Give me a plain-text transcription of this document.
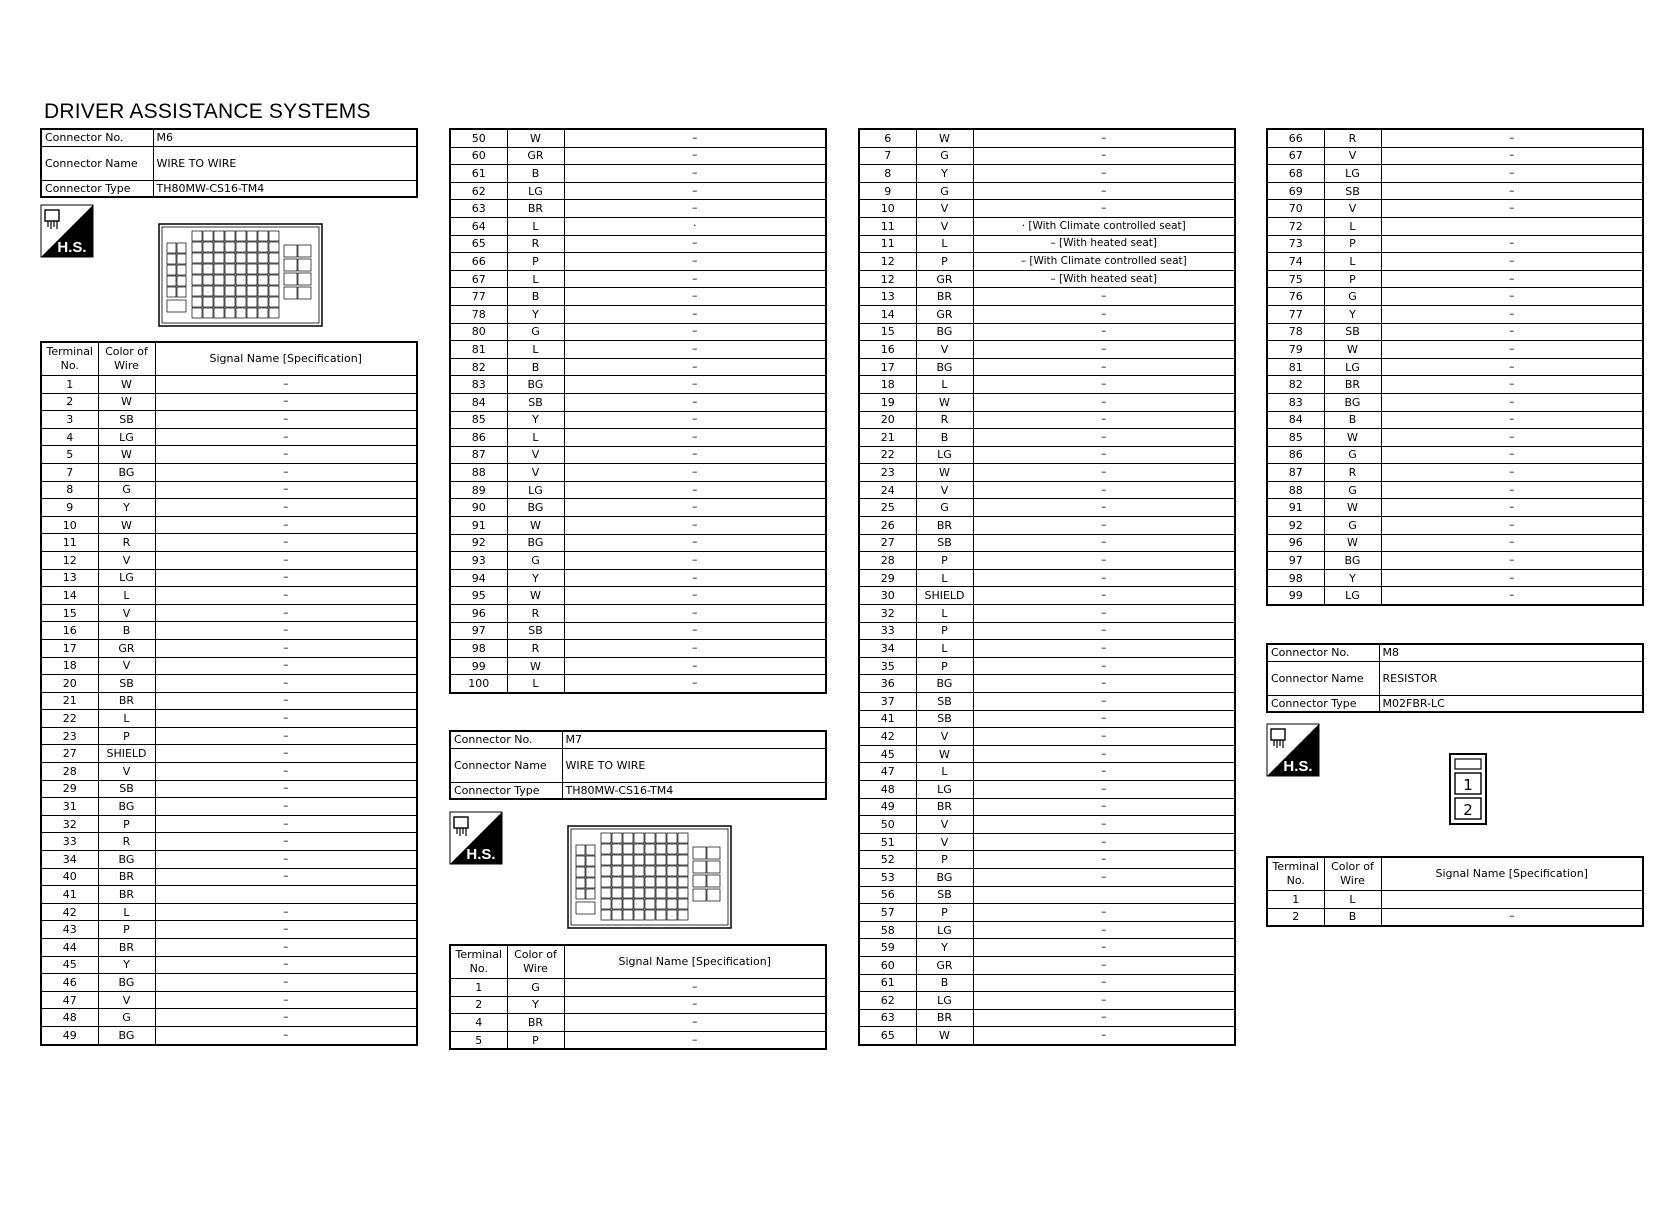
DRIVER ASSISTANCE SYSTEMS
Connector No.	M6
Connector Name	WIRE TO WIRE
Connector Type	TH80MW-CS16-TM4
H.S.
Terminal No.	Color of Wire	Signal Name [Specification]
1	W	–
2	W	–
3	SB	–
4	LG	–
5	W	–
7	BG	–
8	G	–
9	Y	–
10	W	–
11	R	–
12	V	–
13	LG	–
14	L	–
15	V	–
16	B	–
17	GR	–
18	V	–
20	SB	–
21	BR	–
22	L	–
23	P	–
27	SHIELD	–
28	V	–
29	SB	–
31	BG	–
32	P	–
33	R	–
34	BG	–
40	BR	–
41	BR	
42	L	–
43	P	–
44	BR	–
45	Y	–
46	BG	–
47	V	–
48	G	–
49	BG	–
50	W	–
60	GR	–
61	B	–
62	LG	–
63	BR	–
64	L	·
65	R	–
66	P	–
67	L	–
77	B	–
78	Y	–
80	G	–
81	L	–
82	B	–
83	BG	–
84	SB	–
85	Y	–
86	L	–
87	V	–
88	V	–
89	LG	–
90	BG	–
91	W	–
92	BG	–
93	G	–
94	Y	–
95	W	–
96	R	–
97	SB	–
98	R	–
99	W	–
100	L	–
Connector No.	M7
Connector Name	WIRE TO WIRE
Connector Type	TH80MW-CS16-TM4
H.S.
Terminal No.	Color of Wire	Signal Name [Specification]
1	G	–
2	Y	–
4	BR	–
5	P	–
6	W	–
7	G	–
8	Y	–
9	G	–
10	V	–
11	V	· [With Climate controlled seat]
11	L	– [With heated seat]
12	P	– [With Climate controlled seat]
12	GR	– [With heated seat]
13	BR	–
14	GR	–
15	BG	–
16	V	–
17	BG	–
18	L	–
19	W	–
20	R	–
21	B	–
22	LG	–
23	W	–
24	V	–
25	G	–
26	BR	–
27	SB	–
28	P	–
29	L	–
30	SHIELD	–
32	L	–
33	P	–
34	L	–
35	P	–
36	BG	–
37	SB	–
41	SB	–
42	V	–
45	W	–
47	L	–
48	LG	–
49	BR	–
50	V	–
51	V	–
52	P	–
53	BG	–
56	SB	
57	P	–
58	LG	–
59	Y	–
60	GR	–
61	B	–
62	LG	–
63	BR	–
65	W	–
66	R	–
67	V	–
68	LG	–
69	SB	–
70	V	–
72	L	
73	P	–
74	L	–
75	P	–
76	G	–
77	Y	–
78	SB	–
79	W	–
81	LG	–
82	BR	–
83	BG	–
84	B	–
85	W	–
86	G	–
87	R	–
88	G	–
91	W	–
92	G	–
96	W	–
97	BG	–
98	Y	–
99	LG	–
Connector No.	M8
Connector Name	RESISTOR
Connector Type	M02FBR-LC
H.S.
1
2
Terminal No.	Color of Wire	Signal Name [Specification]
1	L	
2	B	–
